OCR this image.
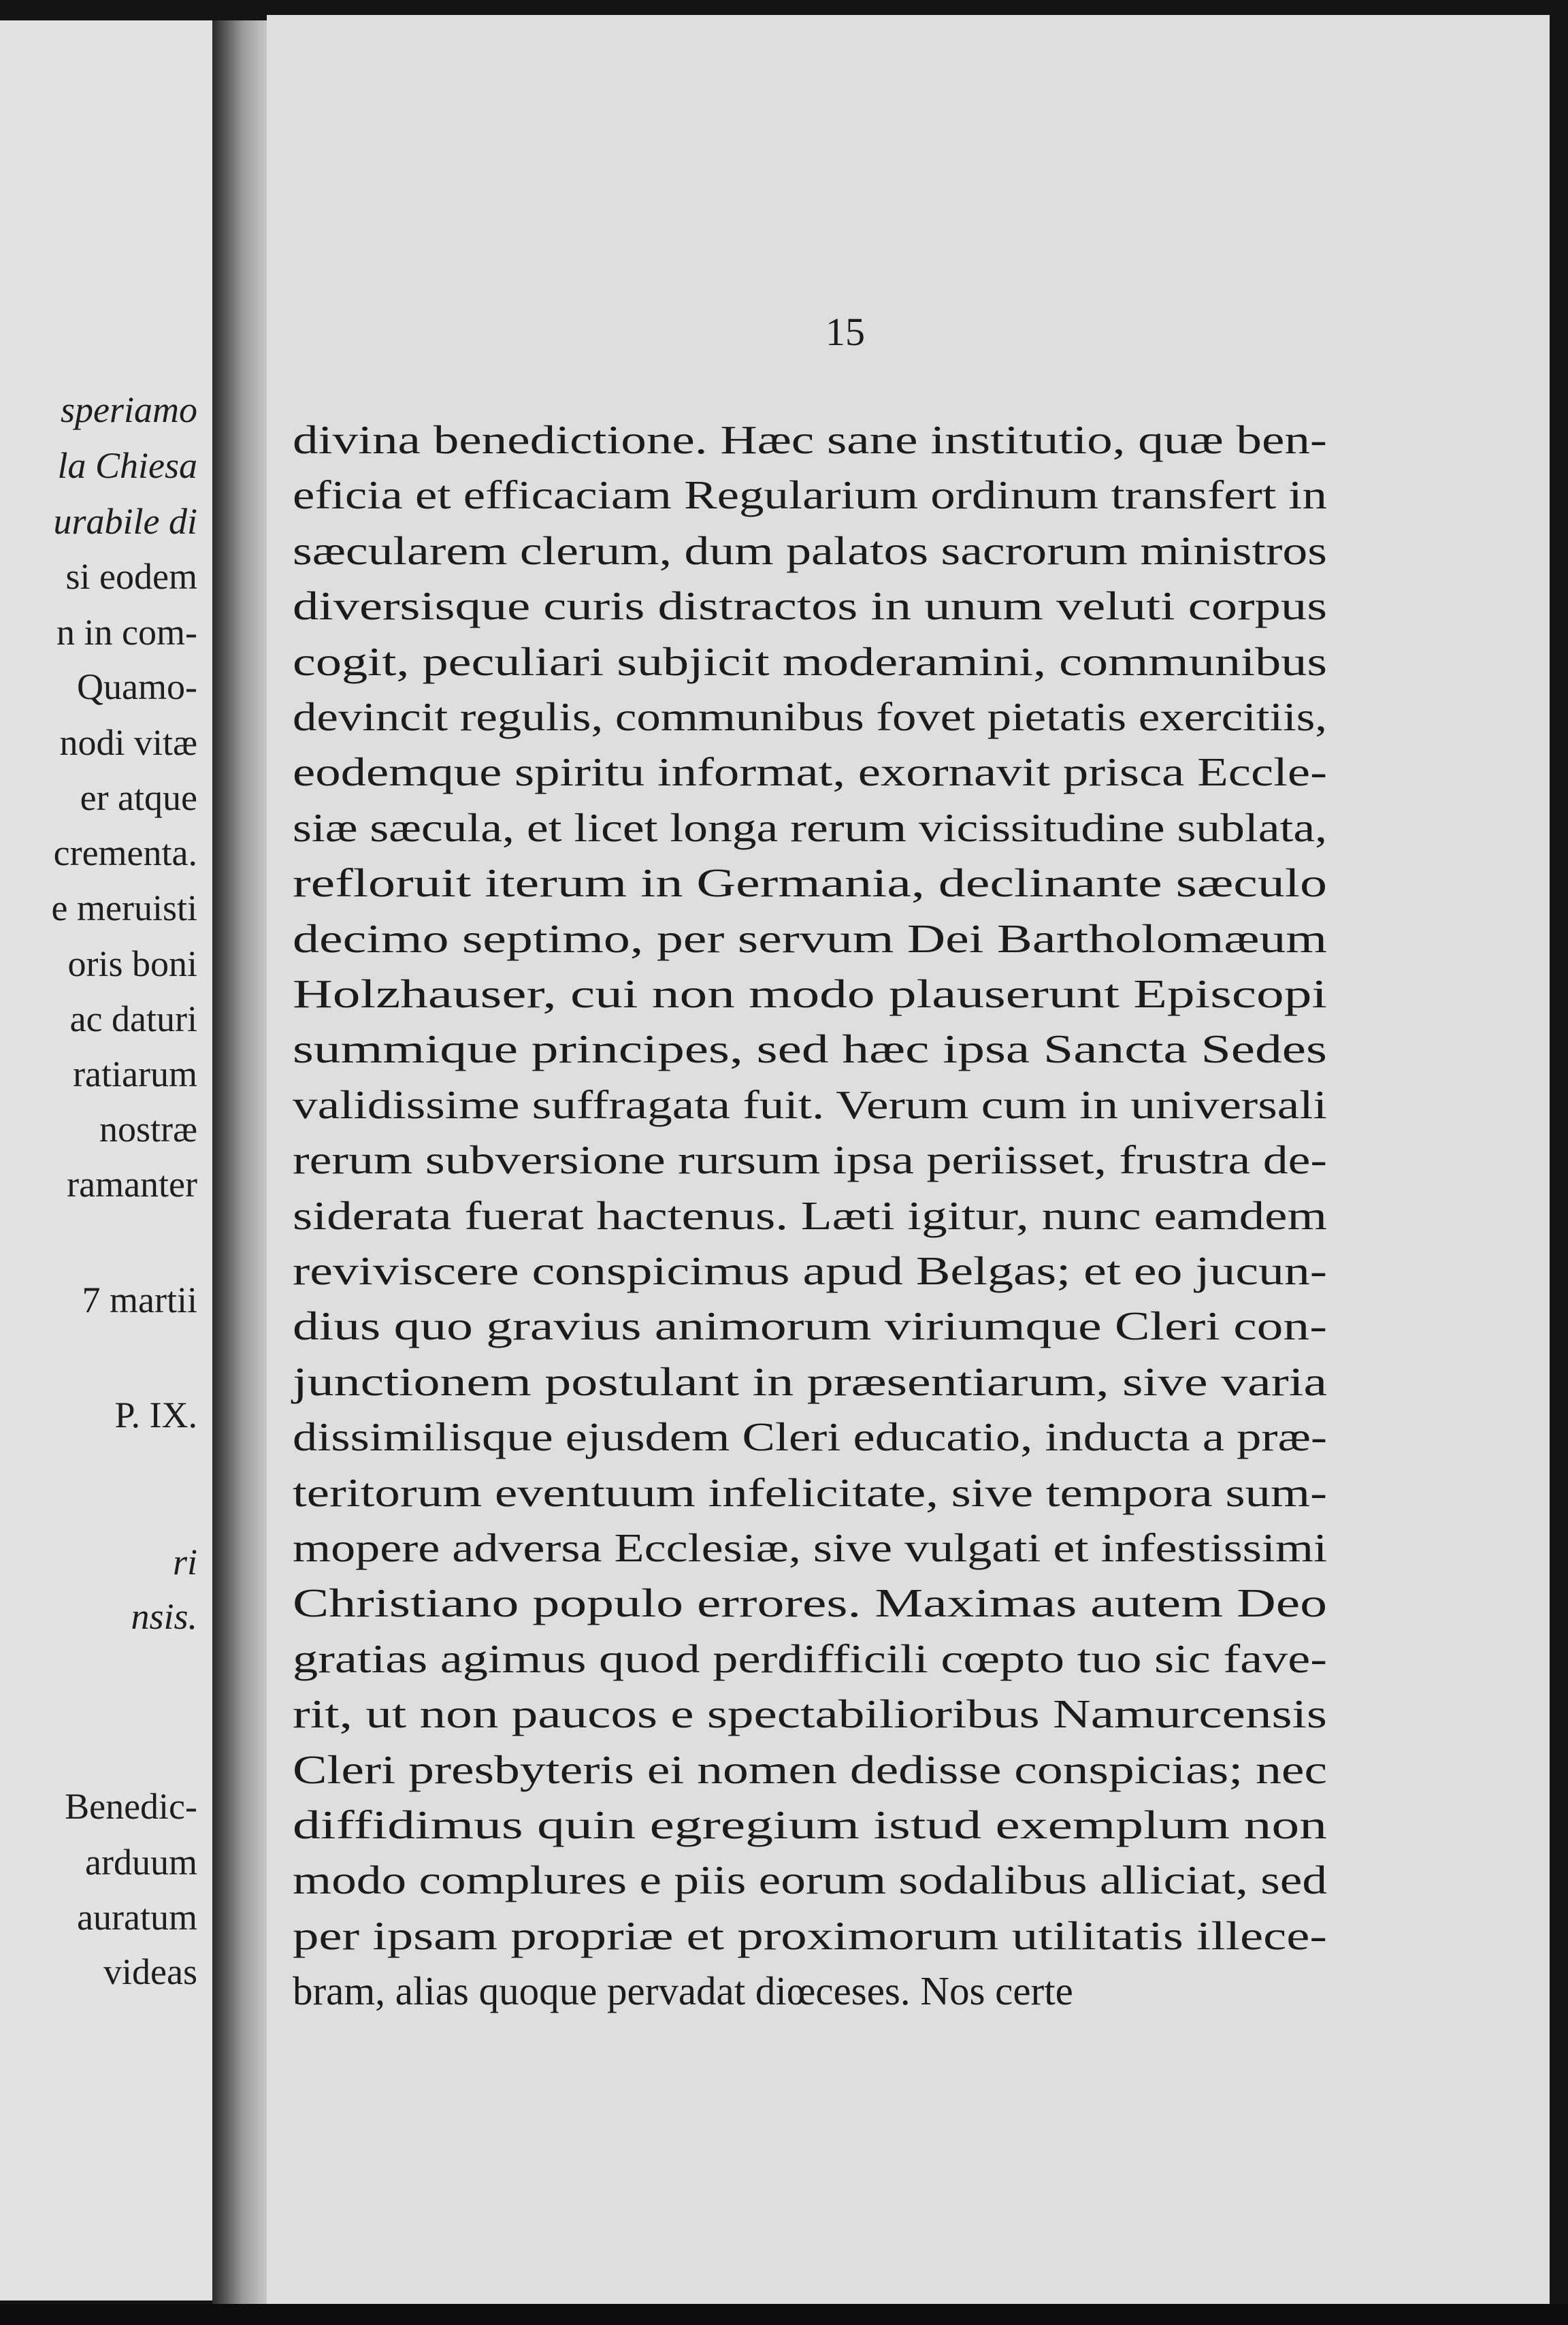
speriamo
la Chiesa
urabile di
si eodem
n in com-
Quamo-
nodi vitæ
er atque
crementa.
e meruisti
oris boni
ac daturi
ratiarum
nostræ
ramanter
7 martii
P. IX.
ri
nsis.
Benedic-
arduum
auratum
videas
15
divina benedictione. Hæc sane institutio, quæ ben-
eficia et efficaciam Regularium ordinum transfert in
sæcularem clerum, dum palatos sacrorum ministros
diversisque curis distractos in unum veluti corpus
cogit, peculiari subjicit moderamini, communibus
devincit regulis, communibus fovet pietatis exercitiis,
eodemque spiritu informat, exornavit prisca Eccle-
siæ sæcula, et licet longa rerum vicissitudine sublata,
refloruit iterum in Germania, declinante sæculo
decimo septimo, per servum Dei Bartholomæum
Holzhauser, cui non modo plauserunt Episcopi
summique principes, sed hæc ipsa Sancta Sedes
validissime suffragata fuit. Verum cum in universali
rerum subversione rursum ipsa periisset, frustra de-
siderata fuerat hactenus. Læti igitur, nunc eamdem
reviviscere conspicimus apud Belgas; et eo jucun-
dius quo gravius animorum viriumque Cleri con-
junctionem postulant in præsentiarum, sive varia
dissimilisque ejusdem Cleri educatio, inducta a præ-
teritorum eventuum infelicitate, sive tempora sum-
mopere adversa Ecclesiæ, sive vulgati et infestissimi
Christiano populo errores. Maximas autem Deo
gratias agimus quod perdifficili cœpto tuo sic fave-
rit, ut non paucos e spectabilioribus Namurcensis
Cleri presbyteris ei nomen dedisse conspicias; nec
diffidimus quin egregium istud exemplum non
modo complures e piis eorum sodalibus alliciat, sed
per ipsam propriæ et proximorum utilitatis illece-
bram, alias quoque pervadat diœceses. Nos certe
